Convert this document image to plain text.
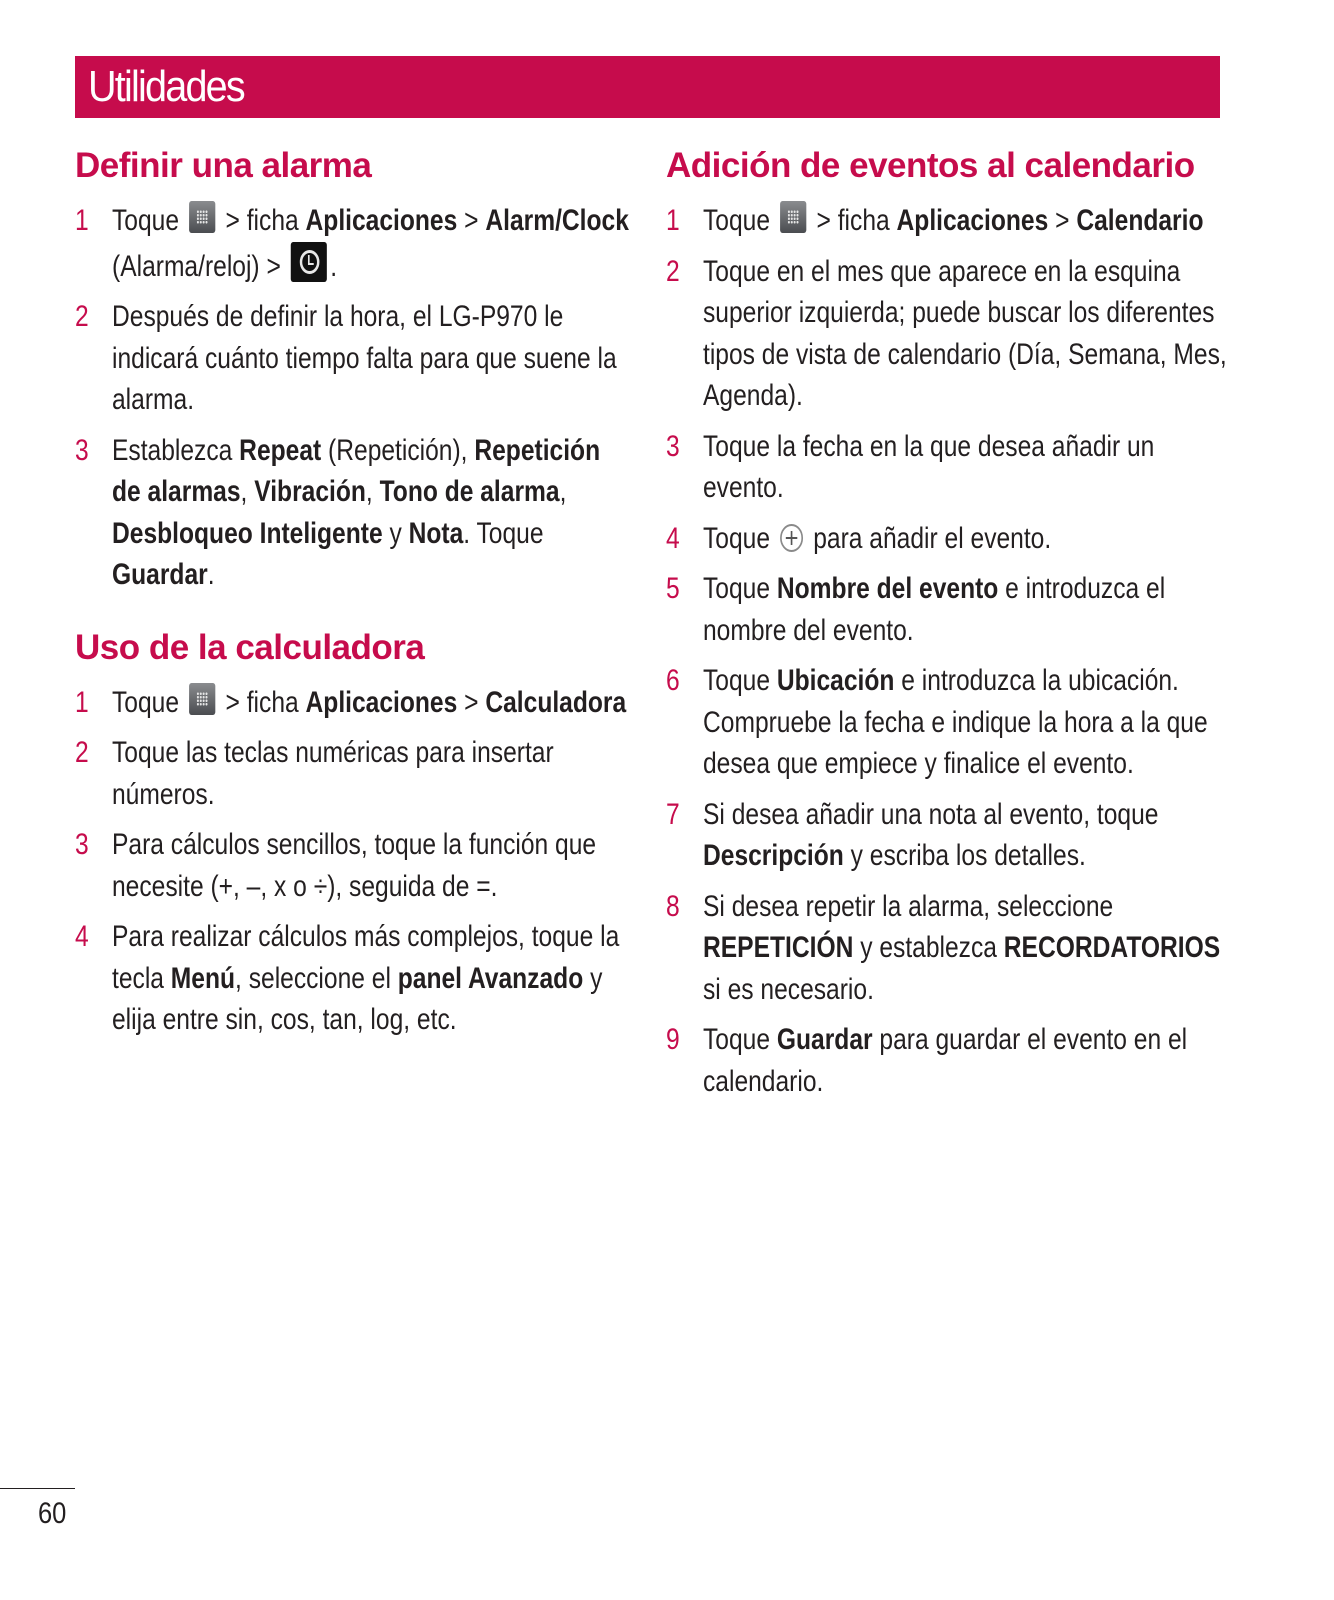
Utilidades
Definir una alarma
1 Toque > ficha Aplicaciones > Alarm/Clock (Alarma/reloj) > .
2 Después de definir la hora, el LG-P970 le indicará cuánto tiempo falta para que suene la alarma.
3 Establezca Repeat (Repetición), Repetición de alarmas, Vibración, Tono de alarma, Desbloqueo Inteligente y Nota. Toque Guardar.
Uso de la calculadora
1 Toque > ficha Aplicaciones > Calculadora
2 Toque las teclas numéricas para insertar números.
3 Para cálculos sencillos, toque la función que necesite (+, –, x o ÷), seguida de =.
4 Para realizar cálculos más complejos, toque la tecla Menú, seleccione el panel Avanzado y elija entre sin, cos, tan, log, etc.
Adición de eventos al calendario
1 Toque > ficha Aplicaciones > Calendario
2 Toque en el mes que aparece en la esquina superior izquierda; puede buscar los diferentes tipos de vista de calendario (Día, Semana, Mes, Agenda).
3 Toque la fecha en la que desea añadir un evento.
4 Toque para añadir el evento.
5 Toque Nombre del evento e introduzca el nombre del evento.
6 Toque Ubicación e introduzca la ubicación. Compruebe la fecha e indique la hora a la que desea que empiece y finalice el evento.
7 Si desea añadir una nota al evento, toque Descripción y escriba los detalles.
8 Si desea repetir la alarma, seleccione REPETICIÓN y establezca RECORDATORIOS si es necesario.
9 Toque Guardar para guardar el evento en el calendario.
60
